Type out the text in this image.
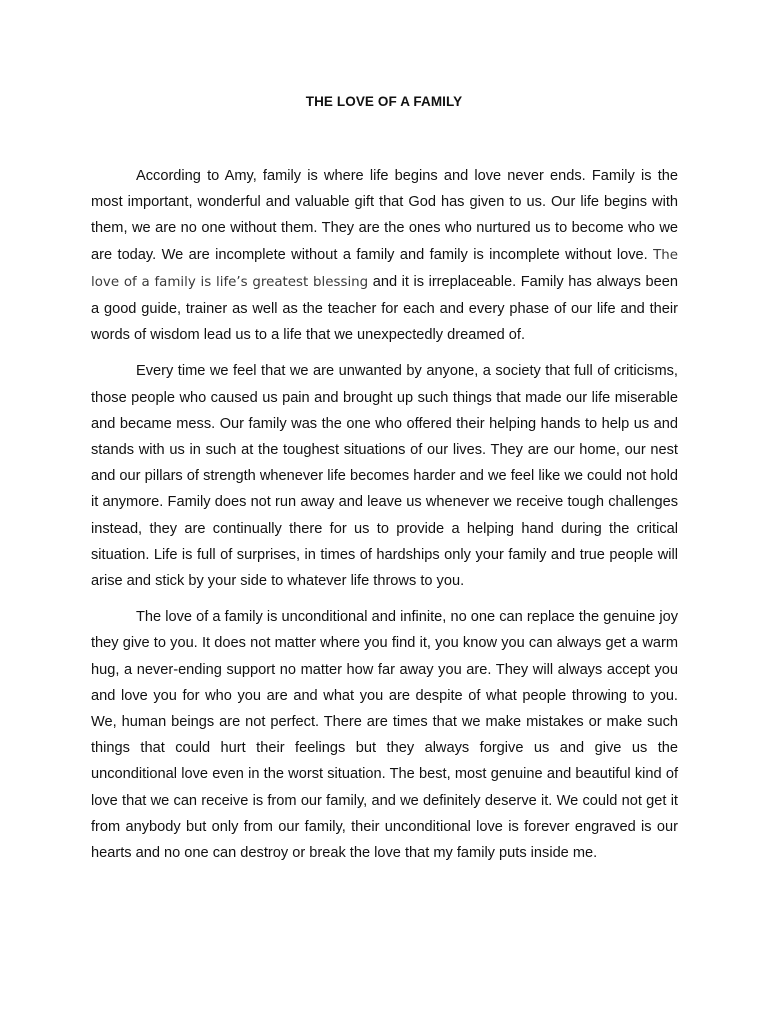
THE LOVE OF A FAMILY

According to Amy, family is where life begins and love never ends. Family is the most important, wonderful and valuable gift that God has given to us. Our life begins with them, we are no one without them. They are the ones who nurtured us to become who we are today. We are incomplete without a family and family is incomplete without love. The love of a family is life’s greatest blessing and it is irreplaceable. Family has always been a good guide, trainer as well as the teacher for each and every phase of our life and their words of wisdom lead us to a life that we unexpectedly dreamed of.

Every time we feel that we are unwanted by anyone, a society that full of criticisms, those people who caused us pain and brought up such things that made our life miserable and became mess. Our family was the one who offered their helping hands to help us and stands with us in such at the toughest situations of our lives. They are our home, our nest and our pillars of strength whenever life becomes harder and we feel like we could not hold it anymore. Family does not run away and leave us whenever we receive tough challenges instead, they are continually there for us to provide a helping hand during the critical situation. Life is full of surprises, in times of hardships only your family and true people will arise and stick by your side to whatever life throws to you.

The love of a family is unconditional and infinite, no one can replace the genuine joy they give to you. It does not matter where you find it, you know you can always get a warm hug, a never-ending support no matter how far away you are. They will always accept you and love you for who you are and what you are despite of what people throwing to you. We, human beings are not perfect. There are times that we make mistakes or make such things that could hurt their feelings but they always forgive us and give us the unconditional love even in the worst situation. The best, most genuine and beautiful kind of love that we can receive is from our family, and we definitely deserve it. We could not get it from anybody but only from our family, their unconditional love is forever engraved is our hearts and no one can destroy or break the love that my family puts inside me.
